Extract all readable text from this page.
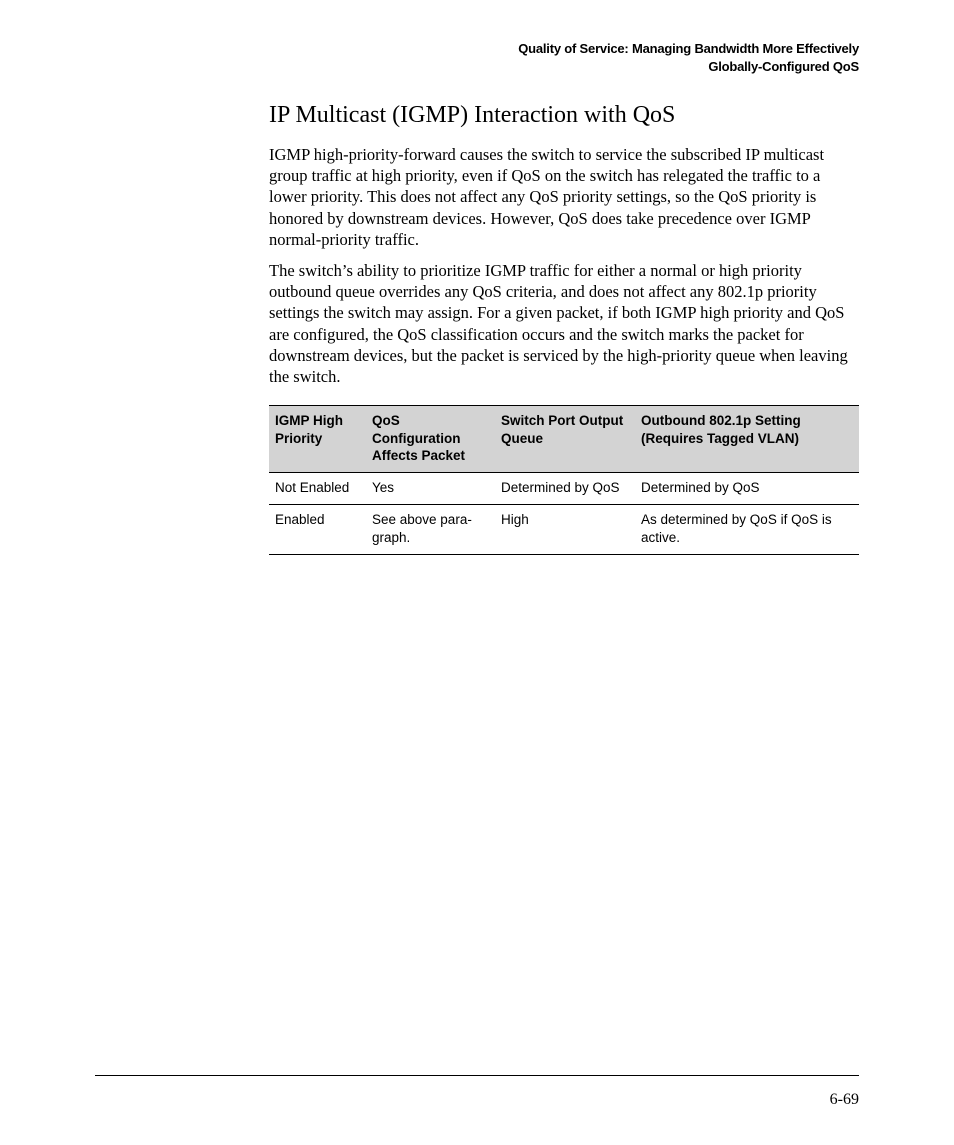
Quality of Service: Managing Bandwidth More Effectively
Globally-Configured QoS
IP Multicast (IGMP) Interaction with QoS

IGMP high-priority-forward causes the switch to service the subscribed IP multicast group traffic at high priority, even if QoS on the switch has relegated the traffic to a lower priority. This does not affect any QoS priority settings, so the QoS priority is honored by downstream devices. However, QoS does take precedence over IGMP normal-priority traffic.

The switch’s ability to prioritize IGMP traffic for either a normal or high priority outbound queue overrides any QoS criteria, and does not affect any 802.1p priority settings the switch may assign. For a given packet, if both IGMP high priority and QoS are configured, the QoS classification occurs and the switch marks the packet for downstream devices, but the packet is serviced by the high-priority queue when leaving the switch.

IGMP High Priority	QoS Configuration Affects Packet	Switch Port Output Queue	Outbound 802.1p Setting (Requires Tagged VLAN)
Not Enabled	Yes	Determined by QoS	Determined by QoS
Enabled	See above para-graph.	High	As determined by QoS if QoS is active.
6-69
